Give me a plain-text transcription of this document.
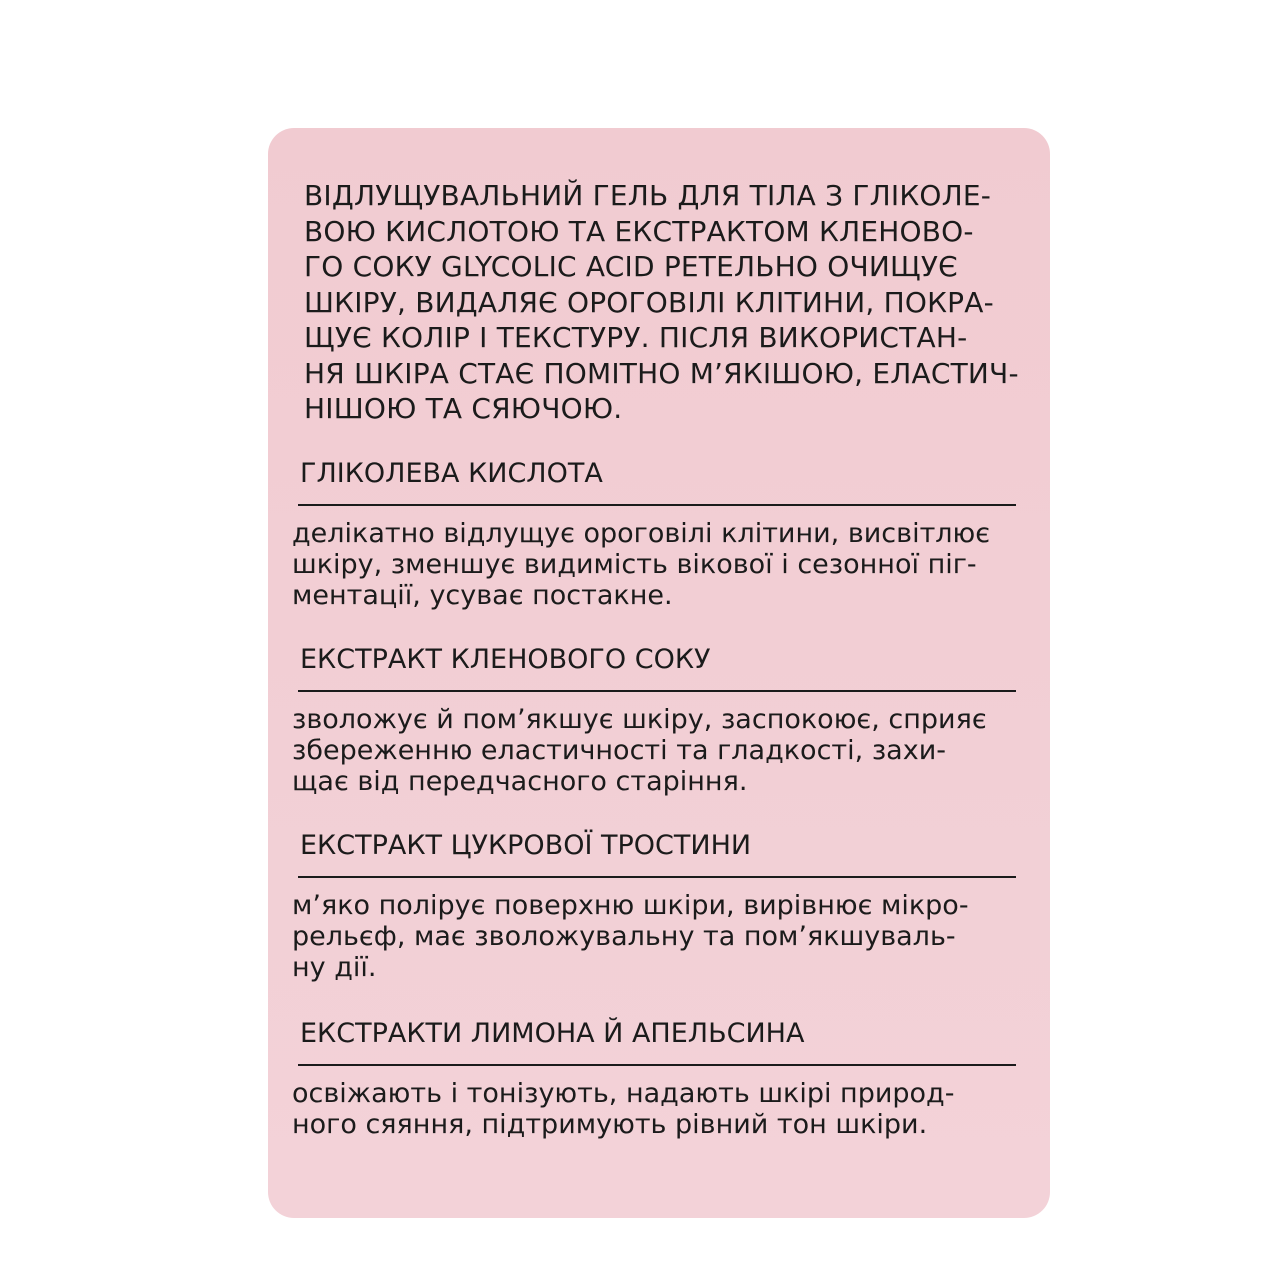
ВІДЛУЩУВАЛЬНИЙ ГЕЛЬ ДЛЯ ТІЛА З ГЛІКОЛЕ-
ВОЮ КИСЛОТОЮ ТА ЕКСТРАКТОМ КЛЕНОВО-
ГО СОКУ GLYCOLIC ACID РЕТЕЛЬНО ОЧИЩУЄ
ШКІРУ, ВИДАЛЯЄ ОРОГОВІЛІ КЛІТИНИ, ПОКРА-
ЩУЄ КОЛІР І ТЕКСТУРУ. ПІСЛЯ ВИКОРИСТАН-
НЯ ШКІРА СТАЄ ПОМІТНО М’ЯКІШОЮ, ЕЛАСТИЧ-
НІШОЮ ТА СЯЮЧОЮ.

ГЛІКОЛЕВА КИСЛОТА

делікатно відлущує ороговілі клітини, висвітлює
шкіру, зменшує видимість вікової і сезонної піг-
ментації, усуває постакне.

ЕКСТРАКТ КЛЕНОВОГО СОКУ

зволожує й пом’якшує шкіру, заспокоює, сприяє
збереженню еластичності та гладкості, захи-
щає від передчасного старіння.

ЕКСТРАКТ ЦУКРОВОЇ ТРОСТИНИ

м’яко полірує поверхню шкіри, вирівнює мікро-
рельєф, має зволожувальну та пом’якшуваль-
ну дії.

ЕКСТРАКТИ ЛИМОНА Й АПЕЛЬСИНА

освіжають і тонізують, надають шкірі природ-
ного сяяння, підтримують рівний тон шкіри.
